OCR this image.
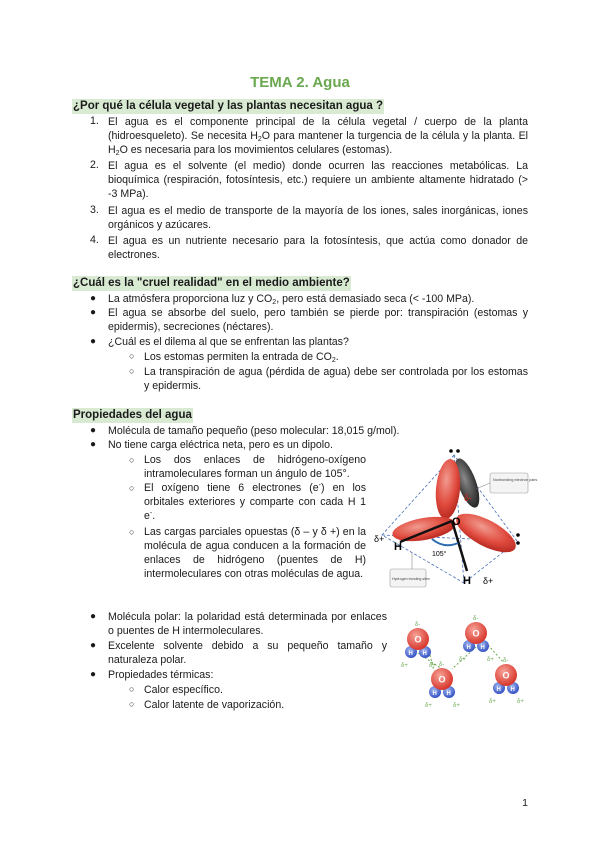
TEMA 2. Agua
¿Por qué la célula vegetal y las plantas necesitan agua ?
1. El agua es el componente principal de la célula vegetal / cuerpo de la planta (hidroesqueleto). Se necesita $H_2O$ para mantener la turgencia de la célula y la planta. El $H_2O$ es necesaria para los movimientos celulares (estomas).
2. El agua es el solvente (el medio) donde ocurren las reacciones metabólicas. La bioquímica (respiración, fotosíntesis, etc.) requiere un ambiente altamente hidratado (> -3 MPa).
3. El agua es el medio de transporte de la mayoría de los iones, sales inorgánicas, iones orgánicos y azúcares.
4. El agua es un nutriente necesario para la fotosíntesis, que actúa como donador de electrones.
¿Cuál es la "cruel realidad" en el medio ambiente?
● La atmósfera proporciona luz y $CO_2$, pero está demasiado seca (< -100 MPa).
● El agua se absorbe del suelo, pero también se pierde por: transpiración (estomas y epidermis), secreciones (néctares).
● ¿Cuál es el dilema al que se enfrentan las plantas?
○ Los estomas permiten la entrada de $CO_2$.
○ La transpiración de agua (pérdida de agua) debe ser controlada por los estomas y epidermis.
Propiedades del agua
● Molécula de tamaño pequeño (peso molecular: 18,015 g/mol).
● No tiene carga eléctrica neta, pero es un dipolo.
○ Los dos enlaces de hidrógeno-oxígeno intramoleculares forman un ángulo de 105°.
○ El oxígeno tiene 6 electrones (e-) en los orbitales exteriores y comparte con cada H 1 e-.
○ Las cargas parciales opuestas (δ – y δ +) en la molécula de agua conducen a la formación de enlaces de hidrógeno (puentes de H) intermoleculares con otras moléculas de agua.
● Molécula polar: la polaridad está determinada por enlaces o puentes de H intermoleculares.
● Excelente solvente debido a su pequeño tamaño y naturaleza polar.
● Propiedades térmicas:
○ Calor específico.
○ Calor latente de vaporización.
O
H
H
105°
δ-
δ+
δ+
Nonbonding electron pairs
Hydrogen bonding sites
O
H H
δ-
δ+	δ+
O
H H
δ-
δ+	δ+
O
H H
δ-
δ+	δ+
O
H H
δ-
δ+	δ+
1
